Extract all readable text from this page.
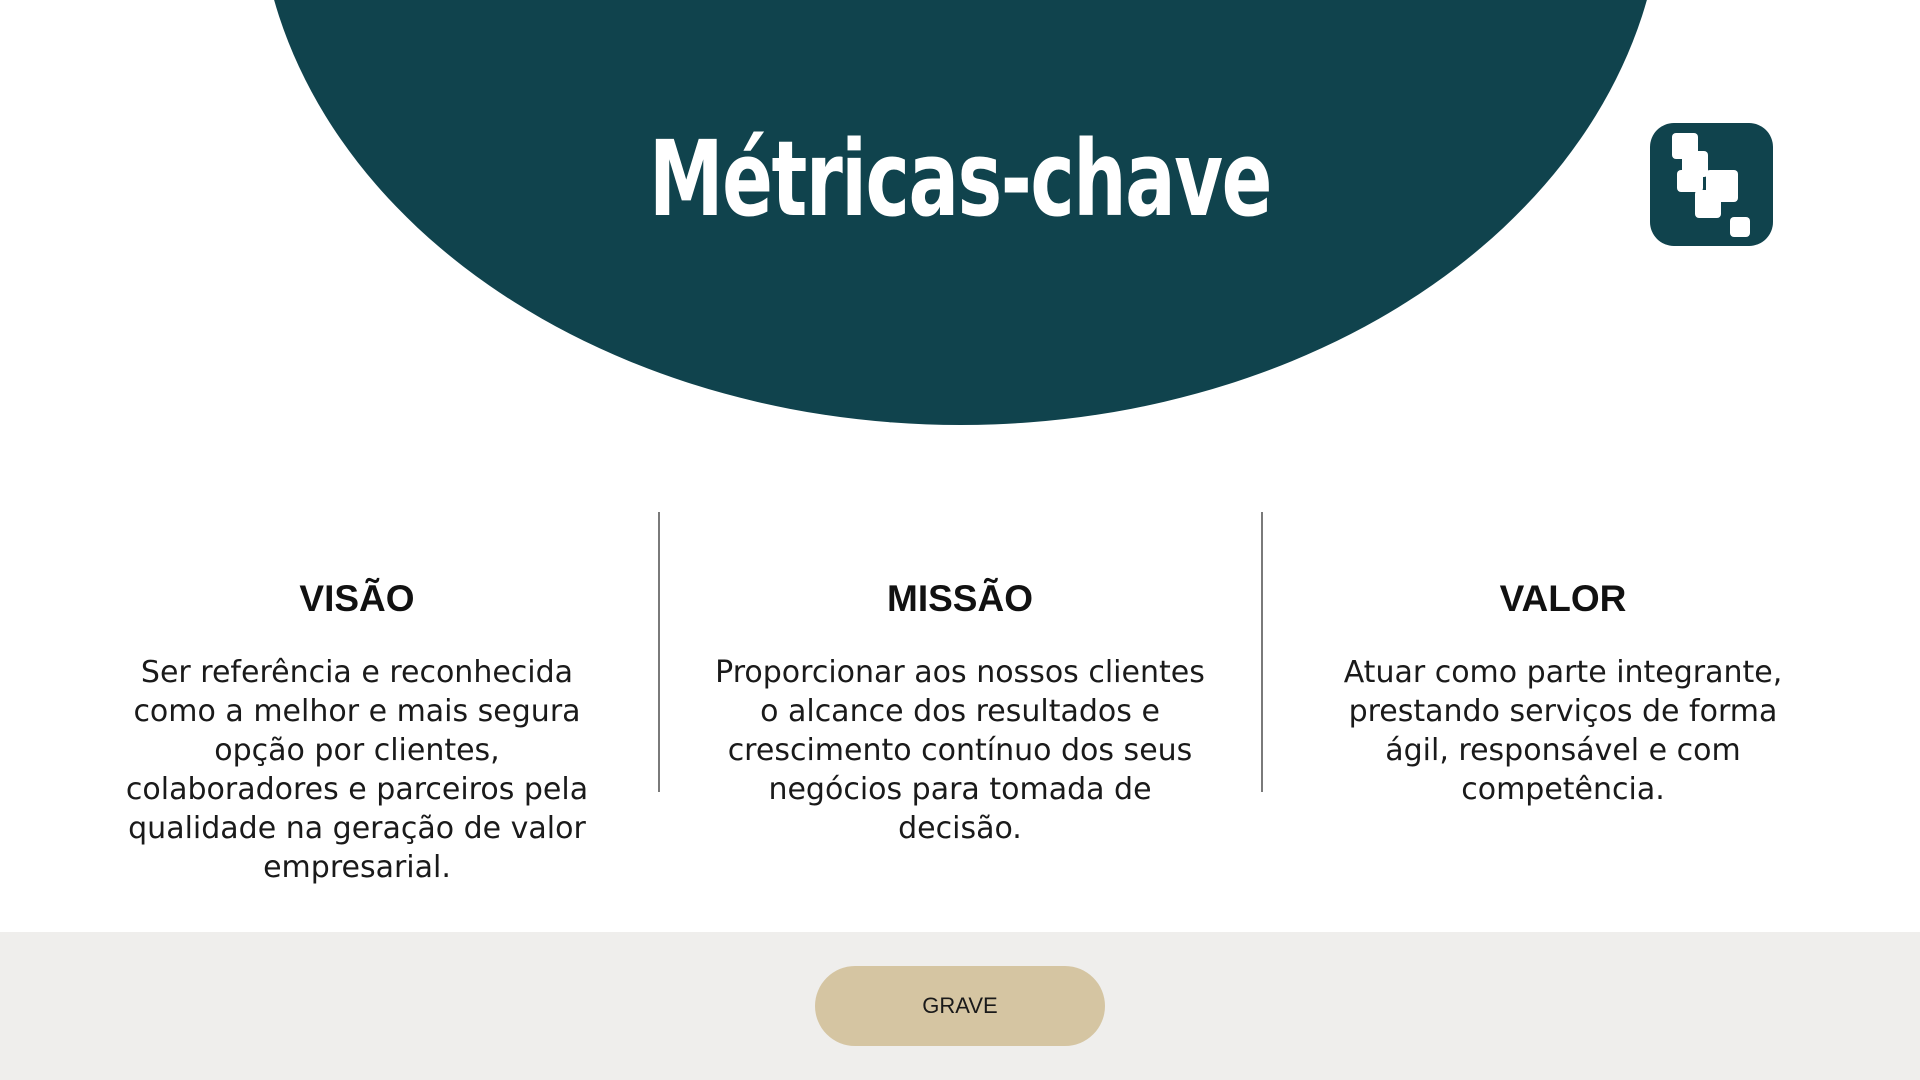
Métricas-chave
VISÃO

Ser referência e reconhecida como a melhor e mais segura opção por clientes, colaboradores e parceiros pela qualidade na geração de valor empresarial.

MISSÃO

Proporcionar aos nossos clientes o alcance dos resultados e crescimento contínuo dos seus negócios para tomada de decisão.

VALOR

Atuar como parte integrante, prestando serviços de forma ágil, responsável e com competência.

GRAVE
